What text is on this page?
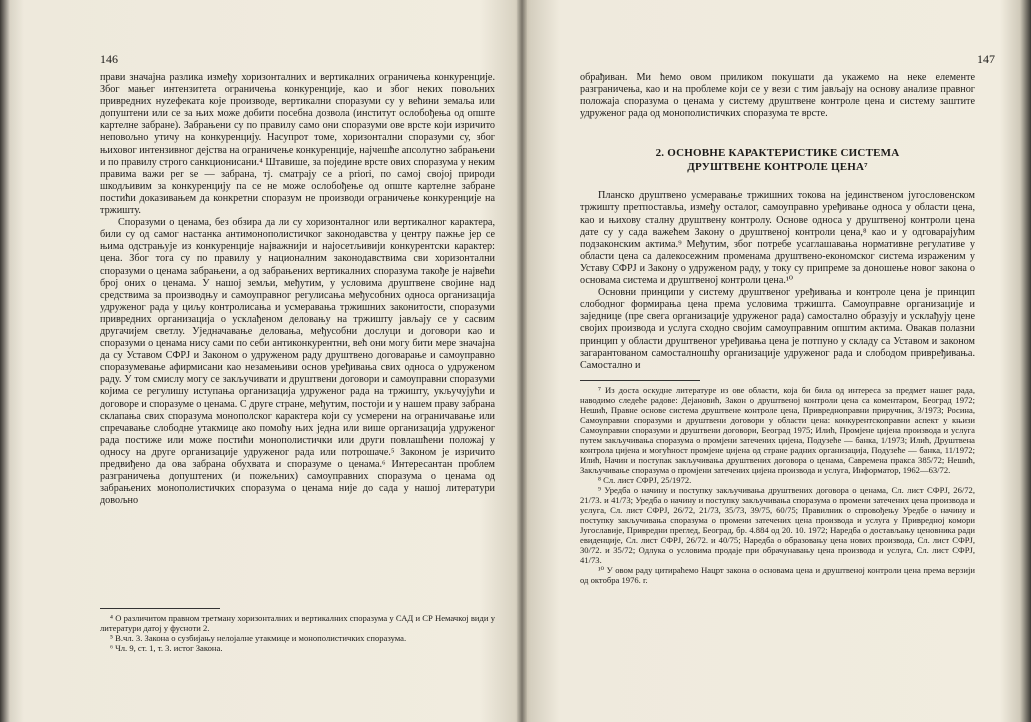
146

прави значајна разлика између хоризонталних и вертикалних ограничења конкуренције. Због мањег интензитета ограничења конкуренције, као и због неких повољних привредних нуzефеката које производе, вертикални споразуми су у већини земаља или допуштени или се за њих може добити посебна дозвола (институт ослобођења од опште картелне забране). Забрањени су по правилу само они споразуми ове врсте који изричито неповољно утичу на конкуренцију. Насупрот томе, хоризонтални споразуми су, због њиховог интензивног дејства на ограничење конкуренције, најчешће апсолутно забрањени и по правилу строго санкционисани.⁴ Штавише, за поједине врсте ових споразума у неким правима важи per se — забрана, тј. сматрају се a priori, по самој својој природи шкодљивим за конкуренцију па се не може ослобођење од опште картелне забране постићи доказивањем да конкретни споразум не производи ограничење конкуренције на тржишту.

Споразуми о ценама, без обзира да ли су хоризонталног или вертикалног карактера, били су од самог настанка антимонополистичког законодавства у центру пажње јер се њима одстрањује из конкуренције најважнији и најосетљивији конкурентски карактер: цена. Због тога су по правилу у националним законодавствима сви хоризонтални споразуми о ценама забрањени, а од забрањених вертикалних споразума такође је највећи број оних о ценама. У нашој земљи, међутим, у условима друштвене својине над средствима за производњу и самоуправног регулисања међусобних односа организација удруженог рада у циљу контролисања и усмеравања тржишних законитости, споразуми привредних организација о усклађеном деловању на тржишту јављају се у сасвим другачијем светлу. Уједначавање деловања, међусобни дослуци и договори као и споразуми о ценама нису сами по себи антиконкурентни, већ они могу бити мере значајна да су Уставом СФРЈ и Законом о удруженом раду друштвено договарање и самоуправно споразумевање афирмисани као незамењиви основ уређивања свих односа о удруженом раду. У том смислу могу се закључивати и друштвени договори и самоуправни споразуми којима се регулишу иступања организација удруженог рада на тржишту, укључујући и договоре и споразуме о ценама. С друге стране, међутим, постоји и у нашем праву забрана склапања свих споразума монополског карактера који су усмерени на ограничавање или спречавање слободне утакмице ако помоћу њих једна или више организација удруженог рада постиже или може постићи монополистички или други повлашћени положај у односу на друге организације удруженог рада или потрошаче.⁵ Законом је изричито предвиђено да ова забрана обухвата и споразуме о ценама.⁶ Интересантан проблем разграничења допуштених (и пожељних) самоуправних споразума о ценама од забрањених монополистичких споразума о ценама није до сада у нашој литератури довољно

⁴ О различитом правном третману хоризонталних и вертикалних споразума у САД и СР Немачкој види у литератури датој у фусноти 2.

⁵ В.чл. 3. Закона о сузбијању нелојалне утакмице и монополистичких споразума.

⁶ Чл. 9, ст. 1, т. 3. истог Закона.

147

обрађиван. Ми ћемо овом приликом покушати да укажемо на неке елементе разграничења, као и на проблеме који се у вези с тим јављају на основу анализе правног положаја споразума о ценама у систему друштвене контроле цена и систему заштите удруженог рада од монополистичких споразума те врсте.

2. ОСНОВНЕ КАРАКТЕРИСТИКЕ СИСТЕМА
ДРУШТВЕНЕ КОНТРОЛЕ ЦЕНА⁷

Планско друштвено усмеравање тржишних токова на јединственом југословенском тржишту претпоставља, између осталог, самоуправно уређивање односа у области цена, као и њихову сталну друштвену контролу. Основе односа у друштвеној контроли цена дате су у сада важећем Закону о друштвеној контроли цена,⁸ као и у одговарајућим подзаконским актима.⁹ Међутим, због потребе усаглашавања нормативне регулативе у области цена са далекосежним променама друштвено-економског система израженим у Уставу СФРЈ и Закону о удруженом раду, у току су припреме за доношење новог закона о основама система и друштвеној контроли цена.¹⁰

Основни принципи у систему друштвеног уређивања и контроле цена је принцип слободног формирања цена према условима тржишта. Самоуправне организације и заједнице (пре свега организације удруженог рада) самостално образују и усклађују цене својих производа и услуга сходно својим самоуправним општим актима. Овакав полазни принцип у области друштвеног уређивања цена је потпуно у складу са Уставом и законом загарантованом самосталношћу организације удруженог рада и слободом привређивања. Самостално и

⁷ Из доста оскудне литературе из ове области, која би била од интереса за предмет нашег рада, наводимо следеће радове: Дејановић, Закон о друштвеној контроли цена са коментаром, Београд 1972; Нешић, Правне основе система друштвене контроле цена, Привредноправни приручник, 3/1973; Росина, Самоуправни споразуми и друштвени договори у области цена: конкурентскоправни аспект у књизи Самоуправни споразуми и друштвени договори, Београд 1975; Илић, Промјене цијена производа и услуга путем закључивања споразума о промјени затечених цијена, Подузеће — банка, 1/1973; Илић, Друштвена контрола цијена и могућност промјене цијена од стране радних организација, Подузеће — банка, 11/1972; Илић, Начин и поступак закључивања друштвених договора о ценама, Савремена пракса 385/72; Нешић, Закључивање споразума о промјени затечених цијена производа и услуга, Информатор, 1962—63/72.

⁸ Сл. лист СФРЈ, 25/1972.

⁹ Уредба о начину и поступку закључивања друштвених договора о ценама, Сл. лист СФРЈ, 26/72, 21/73. и 41/73; Уредба о начину и поступку закључивања споразума о промени затечених цена производа и услуга, Сл. лист СФРЈ, 26/72, 21/73, 35/73, 39/75, 60/75; Правилник о спровођењу Уредбе о начину и поступку закључивања споразума о промени затечених цена производа и услуга у Привредној комори Југославије, Привредни преглед, Београд, бр. 4.884 од 20. 10. 1972; Наредба о достављању ценовника ради евиденције, Сл. лист СФРЈ, 26/72. и 40/75; Наредба о образовању цена нових производа, Сл. лист СФРЈ, 30/72. и 35/72; Одлука о условима продаје при обрачунавању цена производа и услуга, Сл. лист СФРЈ, 41/73.

¹⁰ У овом раду цитираћемо Нацрт закона о основама цена и друштвеној контроли цена према верзији од октобра 1976. г.
